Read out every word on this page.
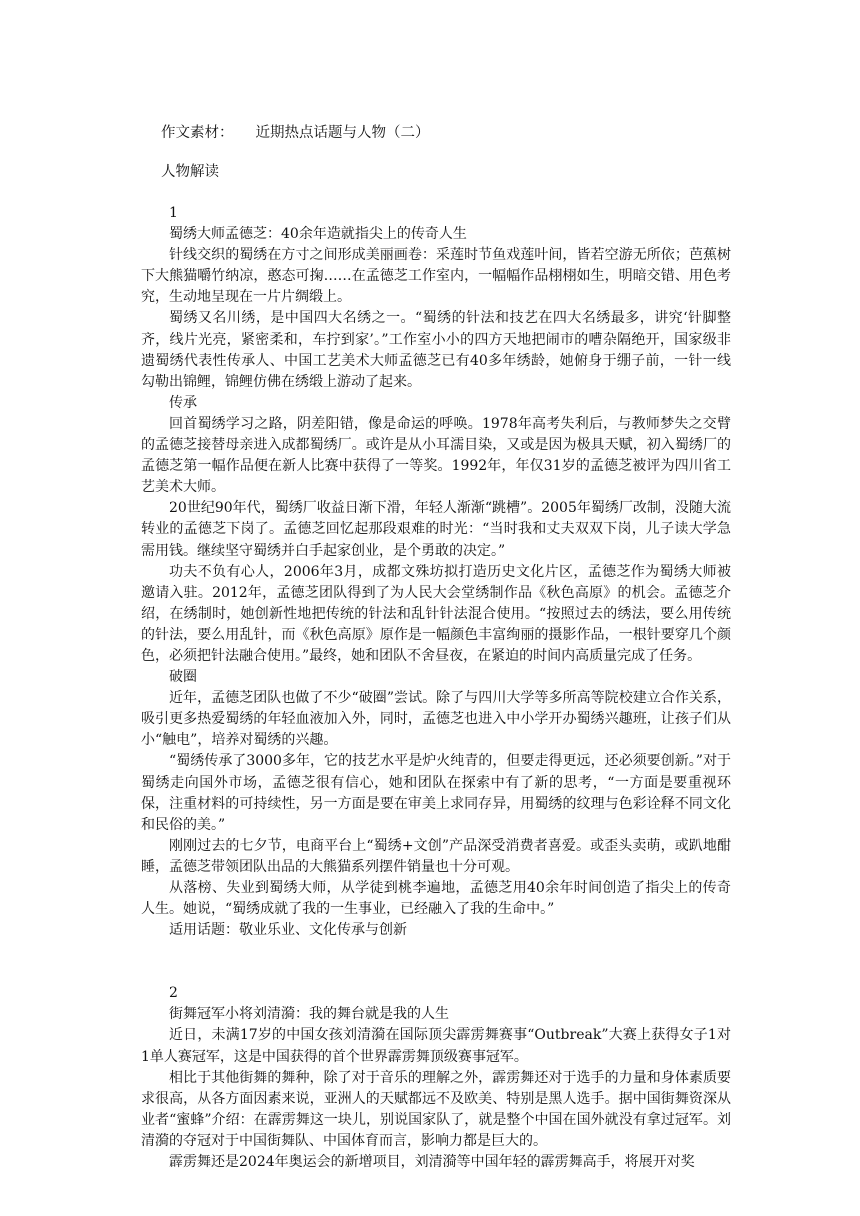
作文素材： 近期热点话题与人物（二）
人物解读
1
蜀绣大师孟德芝：40余年造就指尖上的传奇人生

针线交织的蜀绣在方寸之间形成美丽画卷：采莲时节鱼戏莲叶间，皆若空游无所依；芭蕉树下大熊猫嚼竹纳凉，憨态可掬……在孟德芝工作室内，一幅幅作品栩栩如生，明暗交错、用色考究，生动地呈现在一片片绸缎上。

蜀绣又名川绣，是中国四大名绣之一。“蜀绣的针法和技艺在四大名绣最多，讲究‘针脚整齐，线片光亮，紧密柔和，车拧到家’。”工作室小小的四方天地把闹市的嘈杂隔绝开，国家级非遗蜀绣代表性传承人、中国工艺美术大师孟德芝已有40多年绣龄，她俯身于绷子前，一针一线勾勒出锦鲤，锦鲤仿佛在绣缎上游动了起来。

传承

回首蜀绣学习之路，阴差阳错，像是命运的呼唤。1978年高考失利后，与教师梦失之交臂的孟德芝接替母亲进入成都蜀绣厂。或许是从小耳濡目染，又或是因为极具天赋，初入蜀绣厂的孟德芝第一幅作品便在新人比赛中获得了一等奖。1992年，年仅31岁的孟德芝被评为四川省工艺美术大师。

20世纪90年代，蜀绣厂收益日渐下滑，年轻人渐渐“跳槽”。2005年蜀绣厂改制，没随大流转业的孟德芝下岗了。孟德芝回忆起那段艰难的时光：“当时我和丈夫双双下岗，儿子读大学急需用钱。继续坚守蜀绣并白手起家创业，是个勇敢的决定。”

功夫不负有心人，2006年3月，成都文殊坊拟打造历史文化片区，孟德芝作为蜀绣大师被邀请入驻。2012年，孟德芝团队得到了为人民大会堂绣制作品《秋色高原》的机会。孟德芝介绍，在绣制时，她创新性地把传统的针法和乱针针法混合使用。“按照过去的绣法，要么用传统的针法，要么用乱针，而《秋色高原》原作是一幅颜色丰富绚丽的摄影作品，一根针要穿几个颜色，必须把针法融合使用。”最终，她和团队不舍昼夜，在紧迫的时间内高质量完成了任务。

破圈

近年，孟德芝团队也做了不少“破圈”尝试。除了与四川大学等多所高等院校建立合作关系，吸引更多热爱蜀绣的年轻血液加入外，同时，孟德芝也进入中小学开办蜀绣兴趣班，让孩子们从小“触电”，培养对蜀绣的兴趣。

“蜀绣传承了3000多年，它的技艺水平是炉火纯青的，但要走得更远，还必须要创新。”对于蜀绣走向国外市场，孟德芝很有信心，她和团队在探索中有了新的思考，“一方面是要重视环保，注重材料的可持续性，另一方面是要在审美上求同存异，用蜀绣的纹理与色彩诠释不同文化和民俗的美。”

刚刚过去的七夕节，电商平台上“蜀绣+文创”产品深受消费者喜爱。或歪头卖萌，或趴地酣睡，孟德芝带领团队出品的大熊猫系列摆件销量也十分可观。

从落榜、失业到蜀绣大师，从学徒到桃李遍地，孟德芝用40余年时间创造了指尖上的传奇人生。她说，“蜀绣成就了我的一生事业，已经融入了我的生命中。”

适用话题：敬业乐业、文化传承与创新
2
街舞冠军小将刘清漪：我的舞台就是我的人生

近日，未满17岁的中国女孩刘清漪在国际顶尖霹雳舞赛事“Outbreak”大赛上获得女子1对1单人赛冠军，这是中国获得的首个世界霹雳舞顶级赛事冠军。

相比于其他街舞的舞种，除了对于音乐的理解之外，霹雳舞还对于选手的力量和身体素质要求很高，从各方面因素来说，亚洲人的天赋都远不及欧美、特别是黑人选手。据中国街舞资深从业者“蜜蜂”介绍：在霹雳舞这一块儿，别说国家队了，就是整个中国在国外就没有拿过冠军。刘清漪的夺冠对于中国街舞队、中国体育而言，影响力都是巨大的。

霹雳舞还是2024年奥运会的新增项目，刘清漪等中国年轻的霹雳舞高手，将展开对奖
